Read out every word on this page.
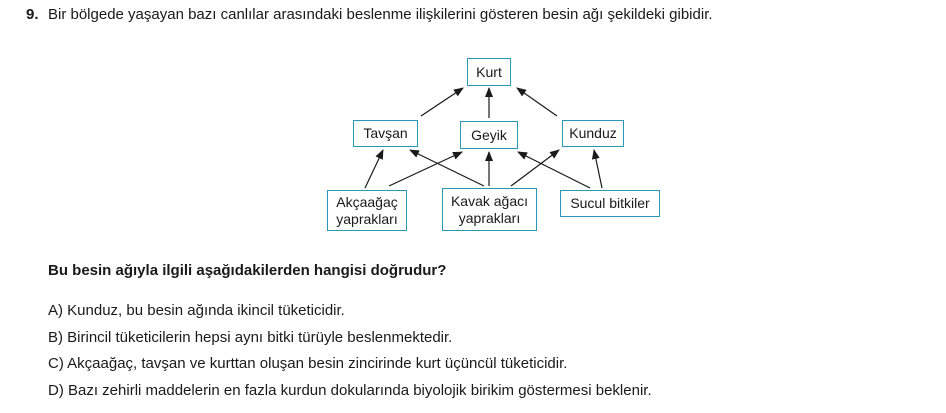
9. Bir bölgede yaşayan bazı canlılar arasındaki beslenme ilişkilerini gösteren besin ağı şekildeki gibidir.
Kurt
Tavşan	Geyik	Kunduz
Akçaağaç
yaprakları
Kavak ağacı
yaprakları
Sucul bitkiler
Bu besin ağıyla ilgili aşağıdakilerden hangisi doğrudur?
A) Kunduz, bu besin ağında ikincil tüketicidir.
B) Birincil tüketicilerin hepsi aynı bitki türüyle beslenmektedir.
C) Akçaağaç, tavşan ve kurttan oluşan besin zincirinde kurt üçüncül tüketicidir.
D) Bazı zehirli maddelerin en fazla kurdun dokularında biyolojik birikim göstermesi beklenir.
